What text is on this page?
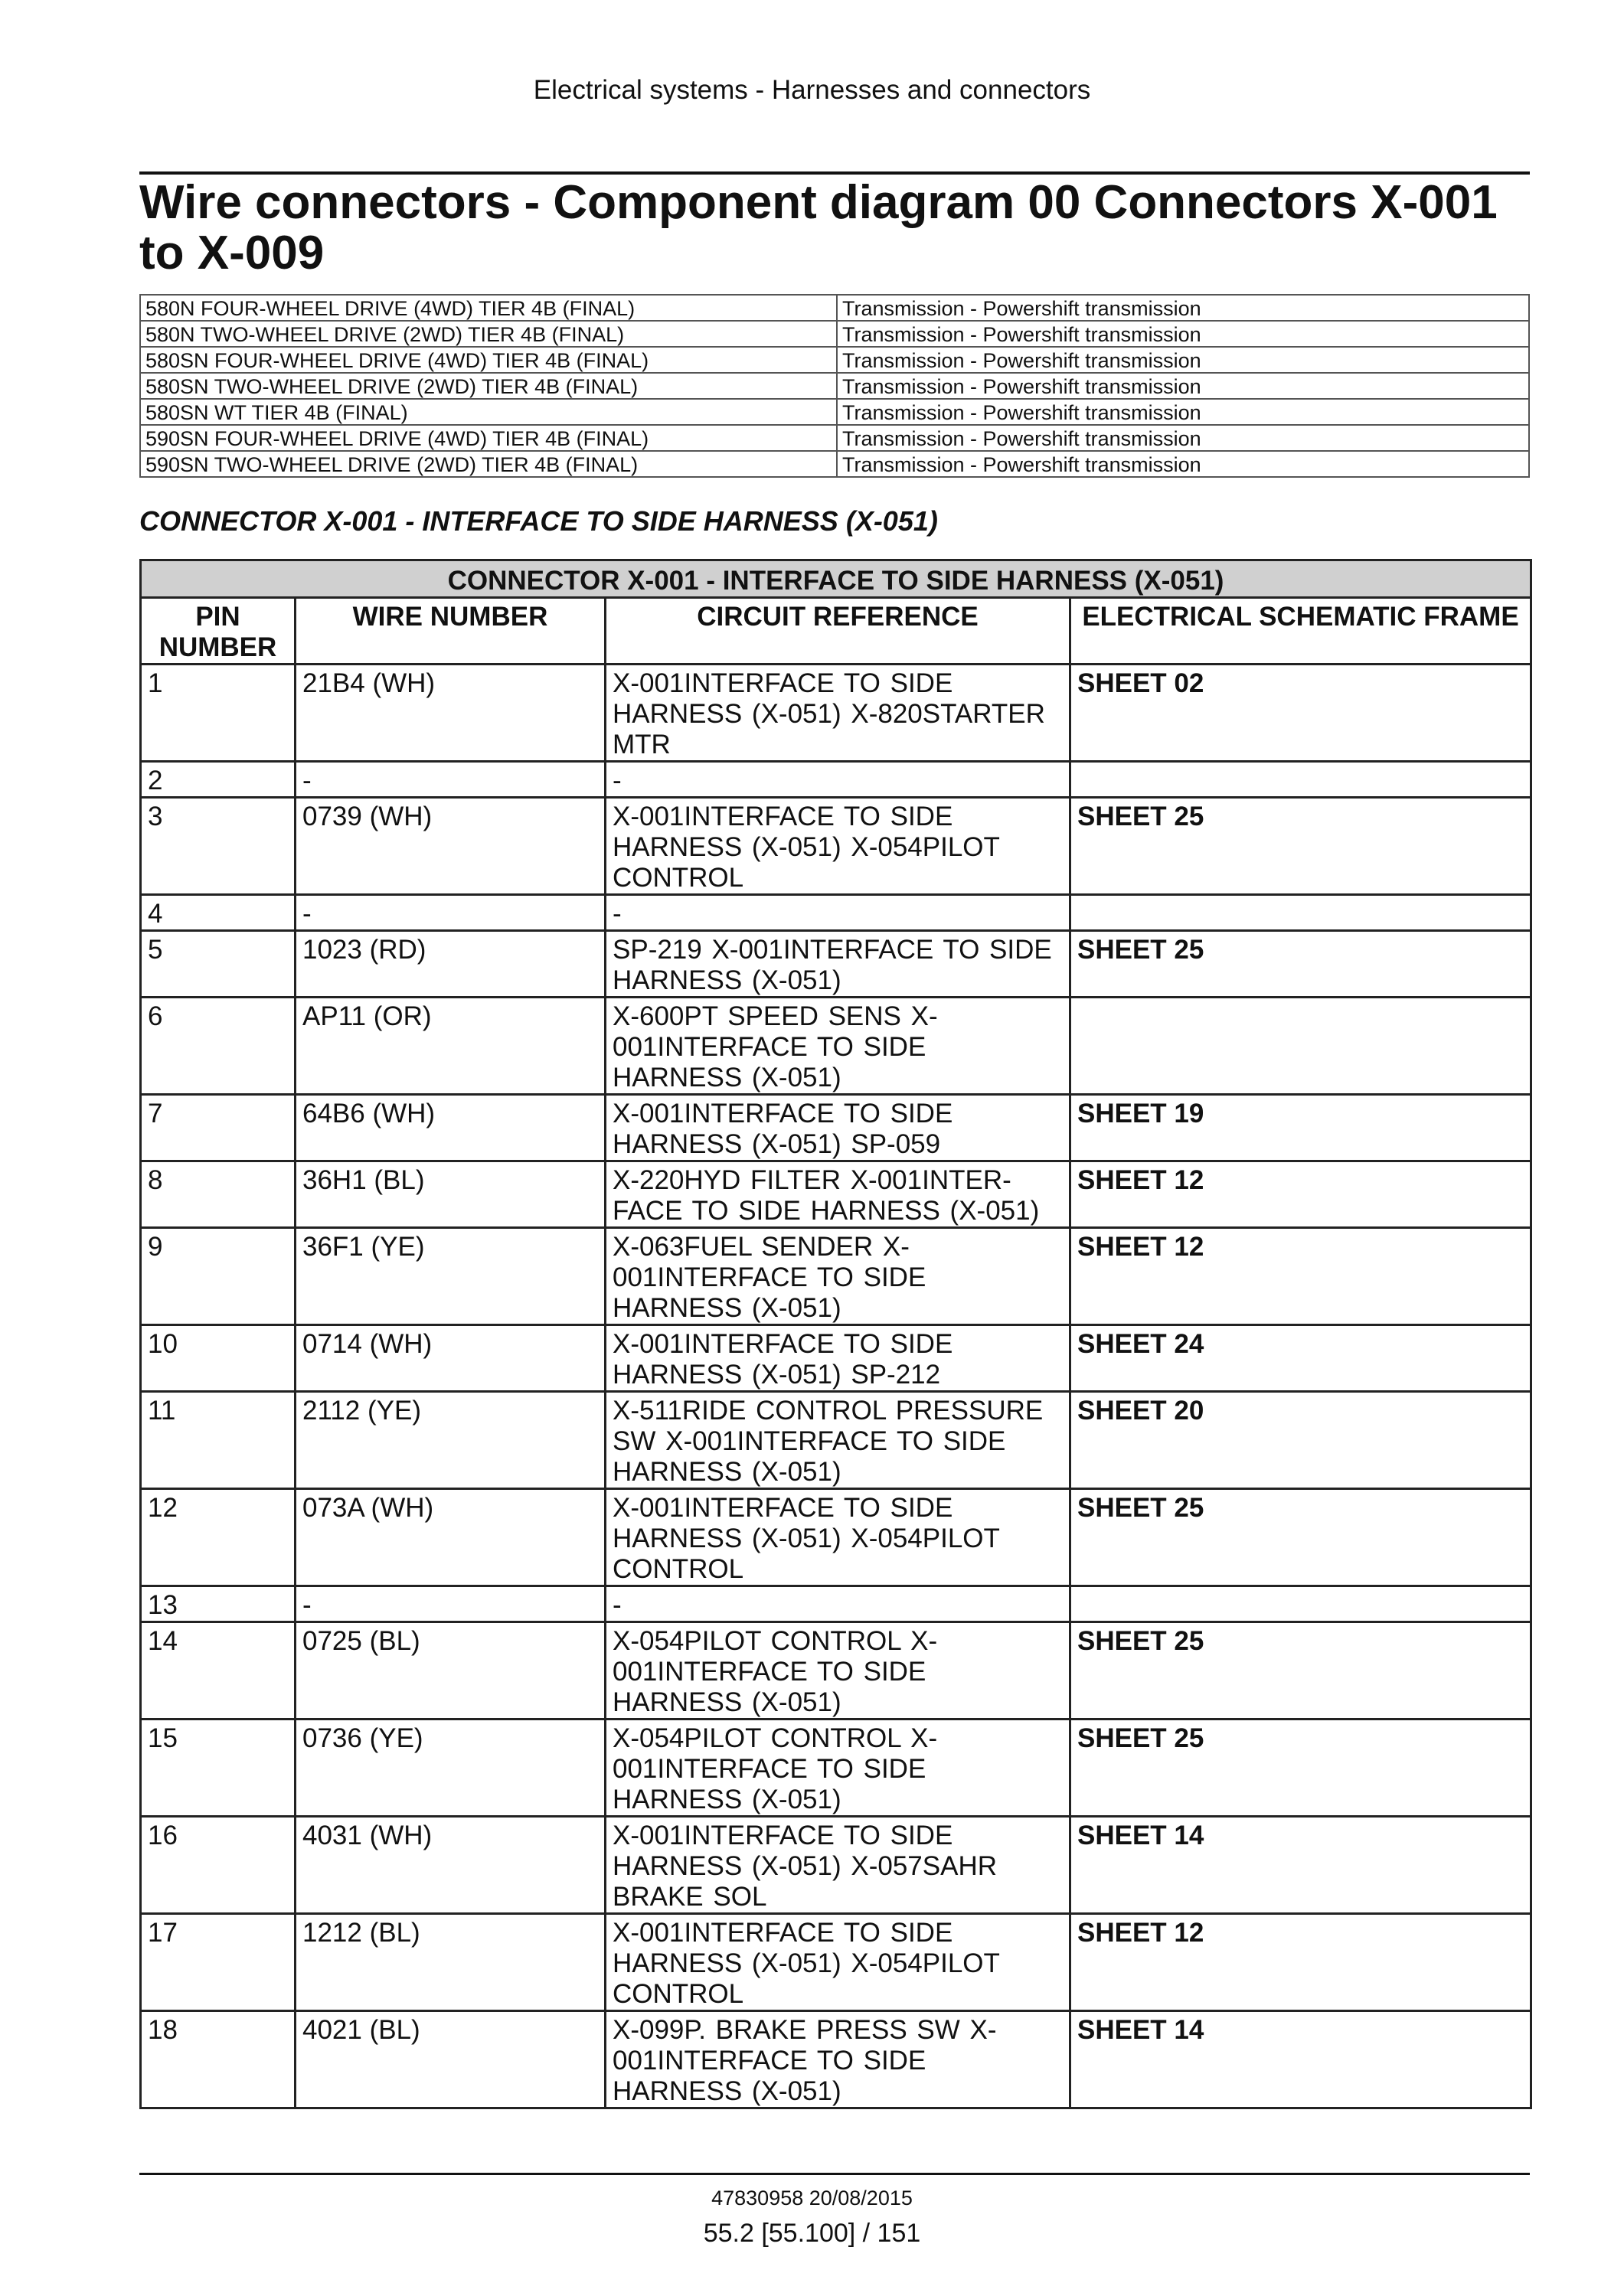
Electrical systems - Harnesses and connectors
Wire connectors - Component diagram 00 Connectors X-001 to X-009
580N FOUR-WHEEL DRIVE (4WD) TIER 4B (FINAL)	Transmission - Powershift transmission
580N TWO-WHEEL DRIVE (2WD) TIER 4B (FINAL)	Transmission - Powershift transmission
580SN FOUR-WHEEL DRIVE (4WD) TIER 4B (FINAL)	Transmission - Powershift transmission
580SN TWO-WHEEL DRIVE (2WD) TIER 4B (FINAL)	Transmission - Powershift transmission
580SN WT TIER 4B (FINAL)	Transmission - Powershift transmission
590SN FOUR-WHEEL DRIVE (4WD) TIER 4B (FINAL)	Transmission - Powershift transmission
590SN TWO-WHEEL DRIVE (2WD) TIER 4B (FINAL)	Transmission - Powershift transmission
CONNECTOR X-001 - INTERFACE TO SIDE HARNESS (X-051)
CONNECTOR X-001 - INTERFACE TO SIDE HARNESS (X-051)			
PIN NUMBER	WIRE NUMBER	CIRCUIT REFERENCE	ELECTRICAL SCHEMATIC FRAME
1	21B4 (WH)	X-001INTERFACE TO SIDE HARNESS (X-051) X-820STARTER MTR	SHEET 02
2	-	-	
3	0739 (WH)	X-001INTERFACE TO SIDE HARNESS (X-051) X-054PILOT CONTROL	SHEET 25
4	-	-	
5	1023 (RD)	SP-219 X-001INTERFACE TO SIDE HARNESS (X-051)	SHEET 25
6	AP11 (OR)	X-600PT SPEED SENS X-001INTERFACE TO SIDE HARNESS (X-051)	
7	64B6 (WH)	X-001INTERFACE TO SIDE HARNESS (X-051) SP-059	SHEET 19
8	36H1 (BL)	X-220HYD FILTER X-001INTER-FACE TO SIDE HARNESS (X-051)	SHEET 12
9	36F1 (YE)	X-063FUEL SENDER X-001INTERFACE TO SIDE HARNESS (X-051)	SHEET 12
10	0714 (WH)	X-001INTERFACE TO SIDE HARNESS (X-051) SP-212	SHEET 24
11	2112 (YE)	X-511RIDE CONTROL PRESSURE SW X-001INTERFACE TO SIDE HARNESS (X-051)	SHEET 20
12	073A (WH)	X-001INTERFACE TO SIDE HARNESS (X-051) X-054PILOT CONTROL	SHEET 25
13	-	-	
14	0725 (BL)	X-054PILOT CONTROL X-001INTERFACE TO SIDE HARNESS (X-051)	SHEET 25
15	0736 (YE)	X-054PILOT CONTROL X-001INTERFACE TO SIDE HARNESS (X-051)	SHEET 25
16	4031 (WH)	X-001INTERFACE TO SIDE HARNESS (X-051) X-057SAHR BRAKE SOL	SHEET 14
17	1212 (BL)	X-001INTERFACE TO SIDE HARNESS (X-051) X-054PILOT CONTROL	SHEET 12
18	4021 (BL)	X-099P. BRAKE PRESS SW X-001INTERFACE TO SIDE HARNESS (X-051)	SHEET 14
47830958 20/08/2015
55.2 [55.100] / 151
